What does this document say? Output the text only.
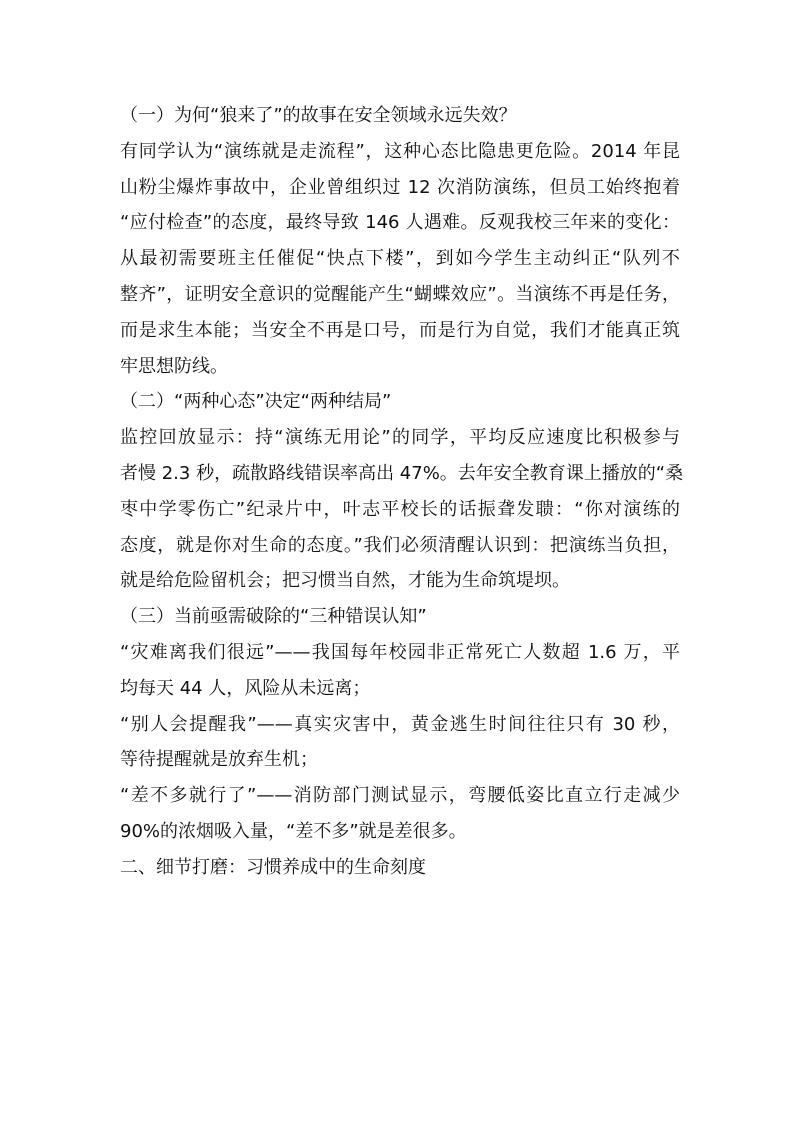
（一）为何“狼来了”的故事在安全领域永远失效？

有同学认为“演练就是走流程”，这种心态比隐患更危险。2014 年昆

山粉尘爆炸事故中，企业曾组织过 12 次消防演练，但员工始终抱着

“应付检查”的态度，最终导致 146 人遇难。反观我校三年来的变化：

从最初需要班主任催促“快点下楼”，到如今学生主动纠正“队列不

整齐”，证明安全意识的觉醒能产生“蝴蝶效应”。当演练不再是任务，

而是求生本能；当安全不再是口号，而是行为自觉，我们才能真正筑

牢思想防线。

（二）“两种心态”决定“两种结局”

监控回放显示：持“演练无用论”的同学，平均反应速度比积极参与

者慢 2.3 秒，疏散路线错误率高出 47%。去年安全教育课上播放的“桑

枣中学零伤亡”纪录片中，叶志平校长的话振聋发聩：“你对演练的

态度，就是你对生命的态度。”我们必须清醒认识到：把演练当负担，

就是给危险留机会；把习惯当自然，才能为生命筑堤坝。

（三）当前亟需破除的“三种错误认知”

“灾难离我们很远”——我国每年校园非正常死亡人数超 1.6 万，平

均每天 44 人，风险从未远离；

“别人会提醒我”——真实灾害中，黄金逃生时间往往只有 30 秒，

等待提醒就是放弃生机；

“差不多就行了”——消防部门测试显示，弯腰低姿比直立行走减少

90%的浓烟吸入量，“差不多”就是差很多。

二、细节打磨：习惯养成中的生命刻度
